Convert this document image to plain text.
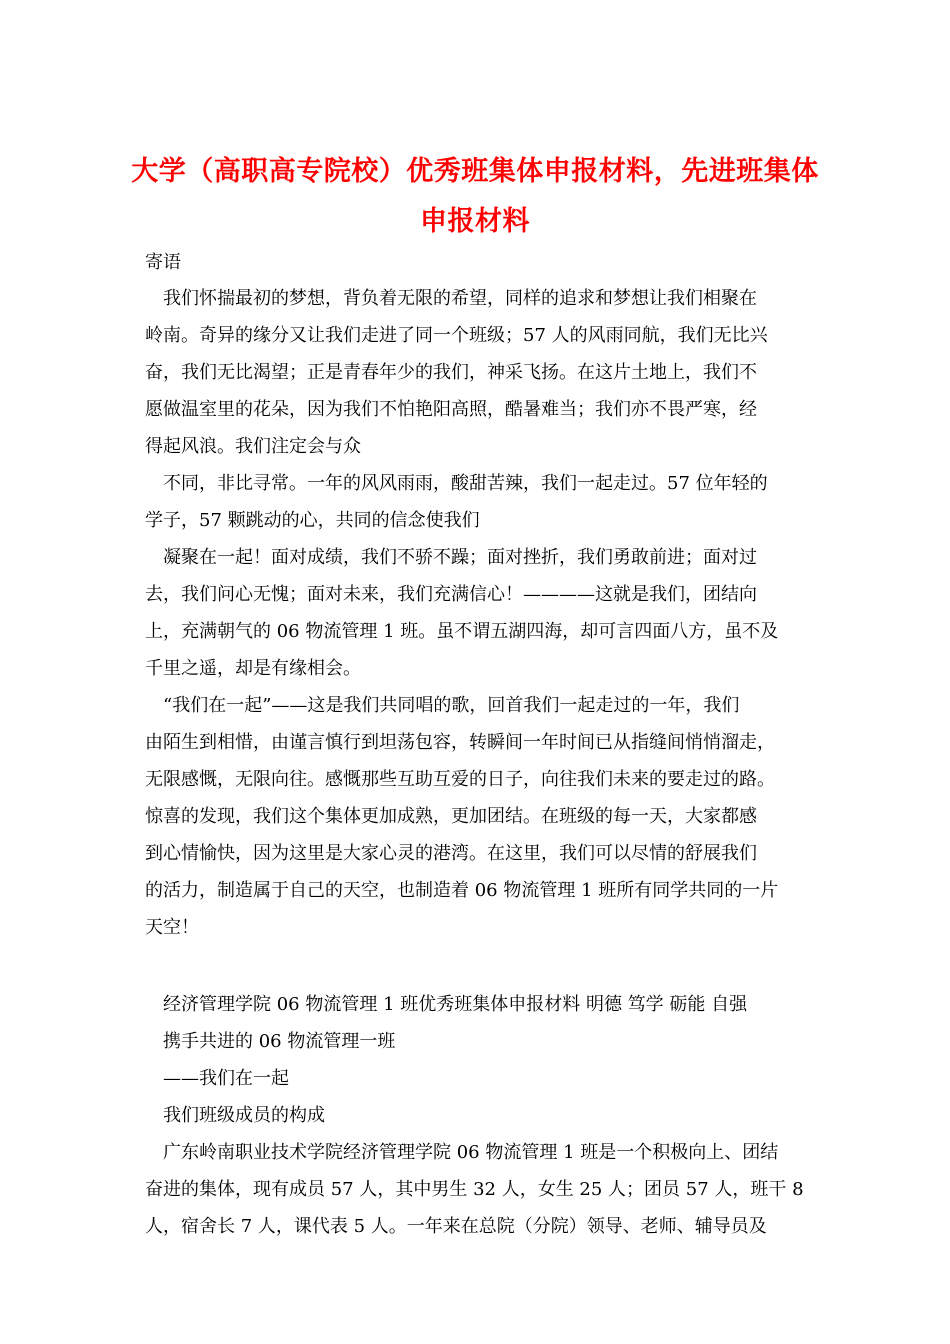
大学（高职高专院校）优秀班集体申报材料，先进班集体
申报材料
寄语
我们怀揣最初的梦想，背负着无限的希望，同样的追求和梦想让我们相聚在
岭南。奇异的缘分又让我们走进了同一个班级；57 人的风雨同航，我们无比兴
奋，我们无比渴望；正是青春年少的我们，神采飞扬。在这片土地上，我们不
愿做温室里的花朵，因为我们不怕艳阳高照，酷暑难当；我们亦不畏严寒，经
得起风浪。我们注定会与众
不同，非比寻常。一年的风风雨雨，酸甜苦辣，我们一起走过。57 位年轻的
学子，57 颗跳动的心，共同的信念使我们
凝聚在一起！面对成绩，我们不骄不躁；面对挫折，我们勇敢前进；面对过
去，我们问心无愧；面对未来，我们充满信心！————这就是我们，团结向
上，充满朝气的 06 物流管理 1 班。虽不谓五湖四海，却可言四面八方，虽不及
千里之遥，却是有缘相会。
“我们在一起”——这是我们共同唱的歌，回首我们一起走过的一年，我们
由陌生到相惜，由谨言慎行到坦荡包容，转瞬间一年时间已从指缝间悄悄溜走，
无限感慨，无限向往。感慨那些互助互爱的日子，向往我们未来的要走过的路。
惊喜的发现，我们这个集体更加成熟，更加团结。在班级的每一天，大家都感
到心情愉快，因为这里是大家心灵的港湾。在这里，我们可以尽情的舒展我们
的活力，制造属于自己的天空，也制造着 06 物流管理 1 班所有同学共同的一片
天空！
经济管理学院 06 物流管理 1 班优秀班集体申报材料 明德 笃学 砺能 自强
携手共进的 06 物流管理一班
——我们在一起
我们班级成员的构成
广东岭南职业技术学院经济管理学院 06 物流管理 1 班是一个积极向上、团结
奋进的集体，现有成员 57 人，其中男生 32 人，女生 25 人；团员 57 人，班干 8
人，宿舍长 7 人，课代表 5 人。一年来在总院（分院）领导、老师、辅导员及
